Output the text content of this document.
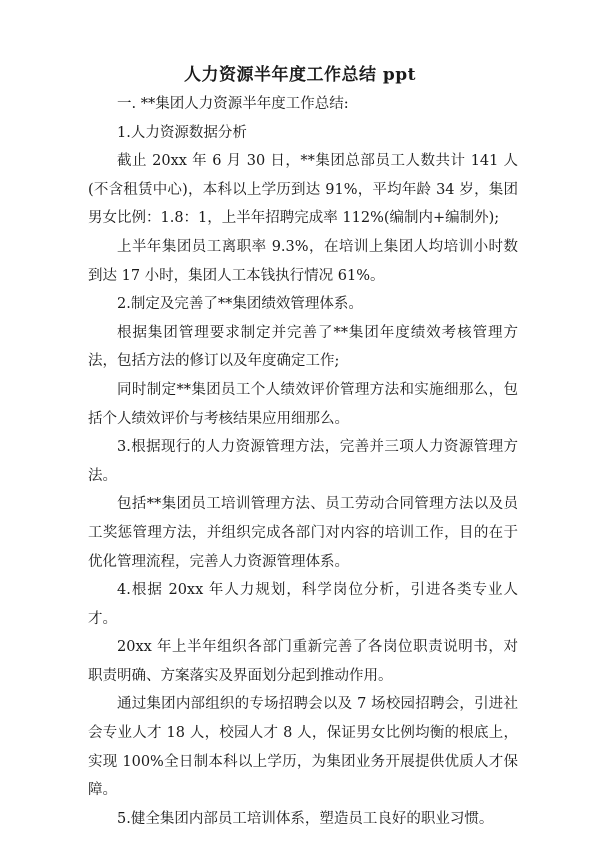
人力资源半年度工作总结 ppt

一. **集团人力资源半年度工作总结:

1.人力资源数据分析

截止 20xx 年 6 月 30 日，**集团总部员工人数共计 141 人(不含租赁中心)，本科以上学历到达 91%，平均年龄 34 岁，集团男女比例：1.8：1，上半年招聘完成率 112%(编制内+编制外);

上半年集团员工离职率 9.3%，在培训上集团人均培训小时数到达 17 小时，集团人工本钱执行情况 61%。

2.制定及完善了**集团绩效管理体系。

根据集团管理要求制定并完善了**集团年度绩效考核管理方法，包括方法的修订以及年度确定工作;

同时制定**集团员工个人绩效评价管理方法和实施细那么，包括个人绩效评价与考核结果应用细那么。

3.根据现行的人力资源管理方法，完善并三项人力资源管理方法。

包括**集团员工培训管理方法、员工劳动合同管理方法以及员工奖惩管理方法，并组织完成各部门对内容的培训工作，目的在于优化管理流程，完善人力资源管理体系。

4.根据 20xx 年人力规划，科学岗位分析，引进各类专业人才。

20xx 年上半年组织各部门重新完善了各岗位职责说明书，对职责明确、方案落实及界面划分起到推动作用。

通过集团内部组织的专场招聘会以及 7 场校园招聘会，引进社会专业人才 18 人，校园人才 8 人，保证男女比例均衡的根底上，实现 100%全日制本科以上学历，为集团业务开展提供优质人才保障。

5.健全集团内部员工培训体系，塑造员工良好的职业习惯。
